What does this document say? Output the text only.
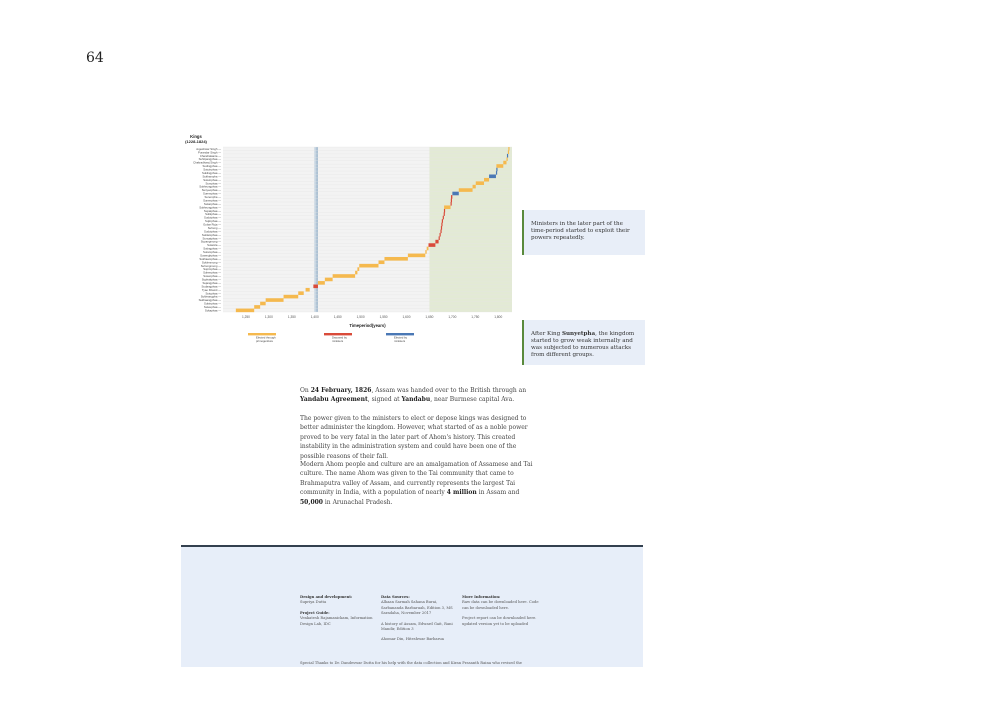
64
Sukaphaa —
Suteuphaa —
Subinphaa —
Sukhaangphaa —
Sukhrangpha —
Sutuphaa —
Tyao Khamti —
Sudangphaa —
Sujangphaa —
Suphakphaa —
Susenphaa —
Suhenphaa —
Supimphaa —
Suhungmung —
Suklenmung —
Sukhaamphaa —
Susenghphaa —
Suramphaa —
Sutingphaa —
Sutamla —
Supangmung —
Sunyatphaa —
Suklamphaa —
Sudoiphaa —
Suhung —
Gobar Roja —
Sujinphaa —
Sudoiphaa —
Sulikphaa —
Supatphaa —
Sukhrungphaa —
Sutanphaa —
Sunenphaa —
Surempha —
Suremphaa —
Sunyeophaa —
Sukhrungphaa —
Sumphaa —
Sutuinphaa —
Sukhampha —
Suklingphaa —
Sutuinphaa —
Sudingphaa —
Chakradhwaj Singh —
Suhitpangphaa —
Chandrakanta —
Purandar Singh —
Jogeshwar Singh —
1,250	1,300	1,350	1,400	1,450	1,500	1,550	1,600	1,650	1,700	1,750	1,800
Kings
(1228-1824)
Timeperiod(years)
Elected through
primogeniture
Deposed by
ministers
Elected by
ministers
Ministers in the later part of the time-period started to exploit their powers repeatedly.
After King Sunyetpha, the kingdom started to grow weak internally and was subjected to numerous attacks from different groups.
On 24 February, 1826, Assam was handed over to the British through an Yandabu Agreement, signed at Yandabu, near Burmese capital Ava.
The power given to the ministers to elect or depose kings was designed to better administer the kingdom. However, what started of as a noble power proved to be very fatal in the later part of Ahom's history. This created instability in the administration system and could have been one of the possible reasons of their fall.
Modern Ahom people and culture are an amalgamation of Assamese and Tai culture. The name Ahom was given to the Tai community that came to Brahmaputra valley of Assam, and currently represents the largest Tai community in India, with a population of nearly 4 million in Assam and 50,000 in Arunachal Pradesh.
Design and development:
Supriya Dutta
Project Guide:
Venkatesh Rajamanickam, Information Design Lab, IDC
Data Sources:
Alhaan Sarmah Sahana Burai, Sarbananda Barbaruah, Edition 3, MS Saradaha, November 2017
A history of Assam, Edward Gait, Rani Mandir, Edition 3
Ahomar Din, Hiteshwar Barbarua
More Information:
Raw data can be downloaded here. Code can be downloaded here.
Project report can be downloaded here.
updated version yet to be uploaded
Special Thanks to Dr. Dandeswar Dutta for his help with the data collection and Kiran Prasanth Raina who revised the
